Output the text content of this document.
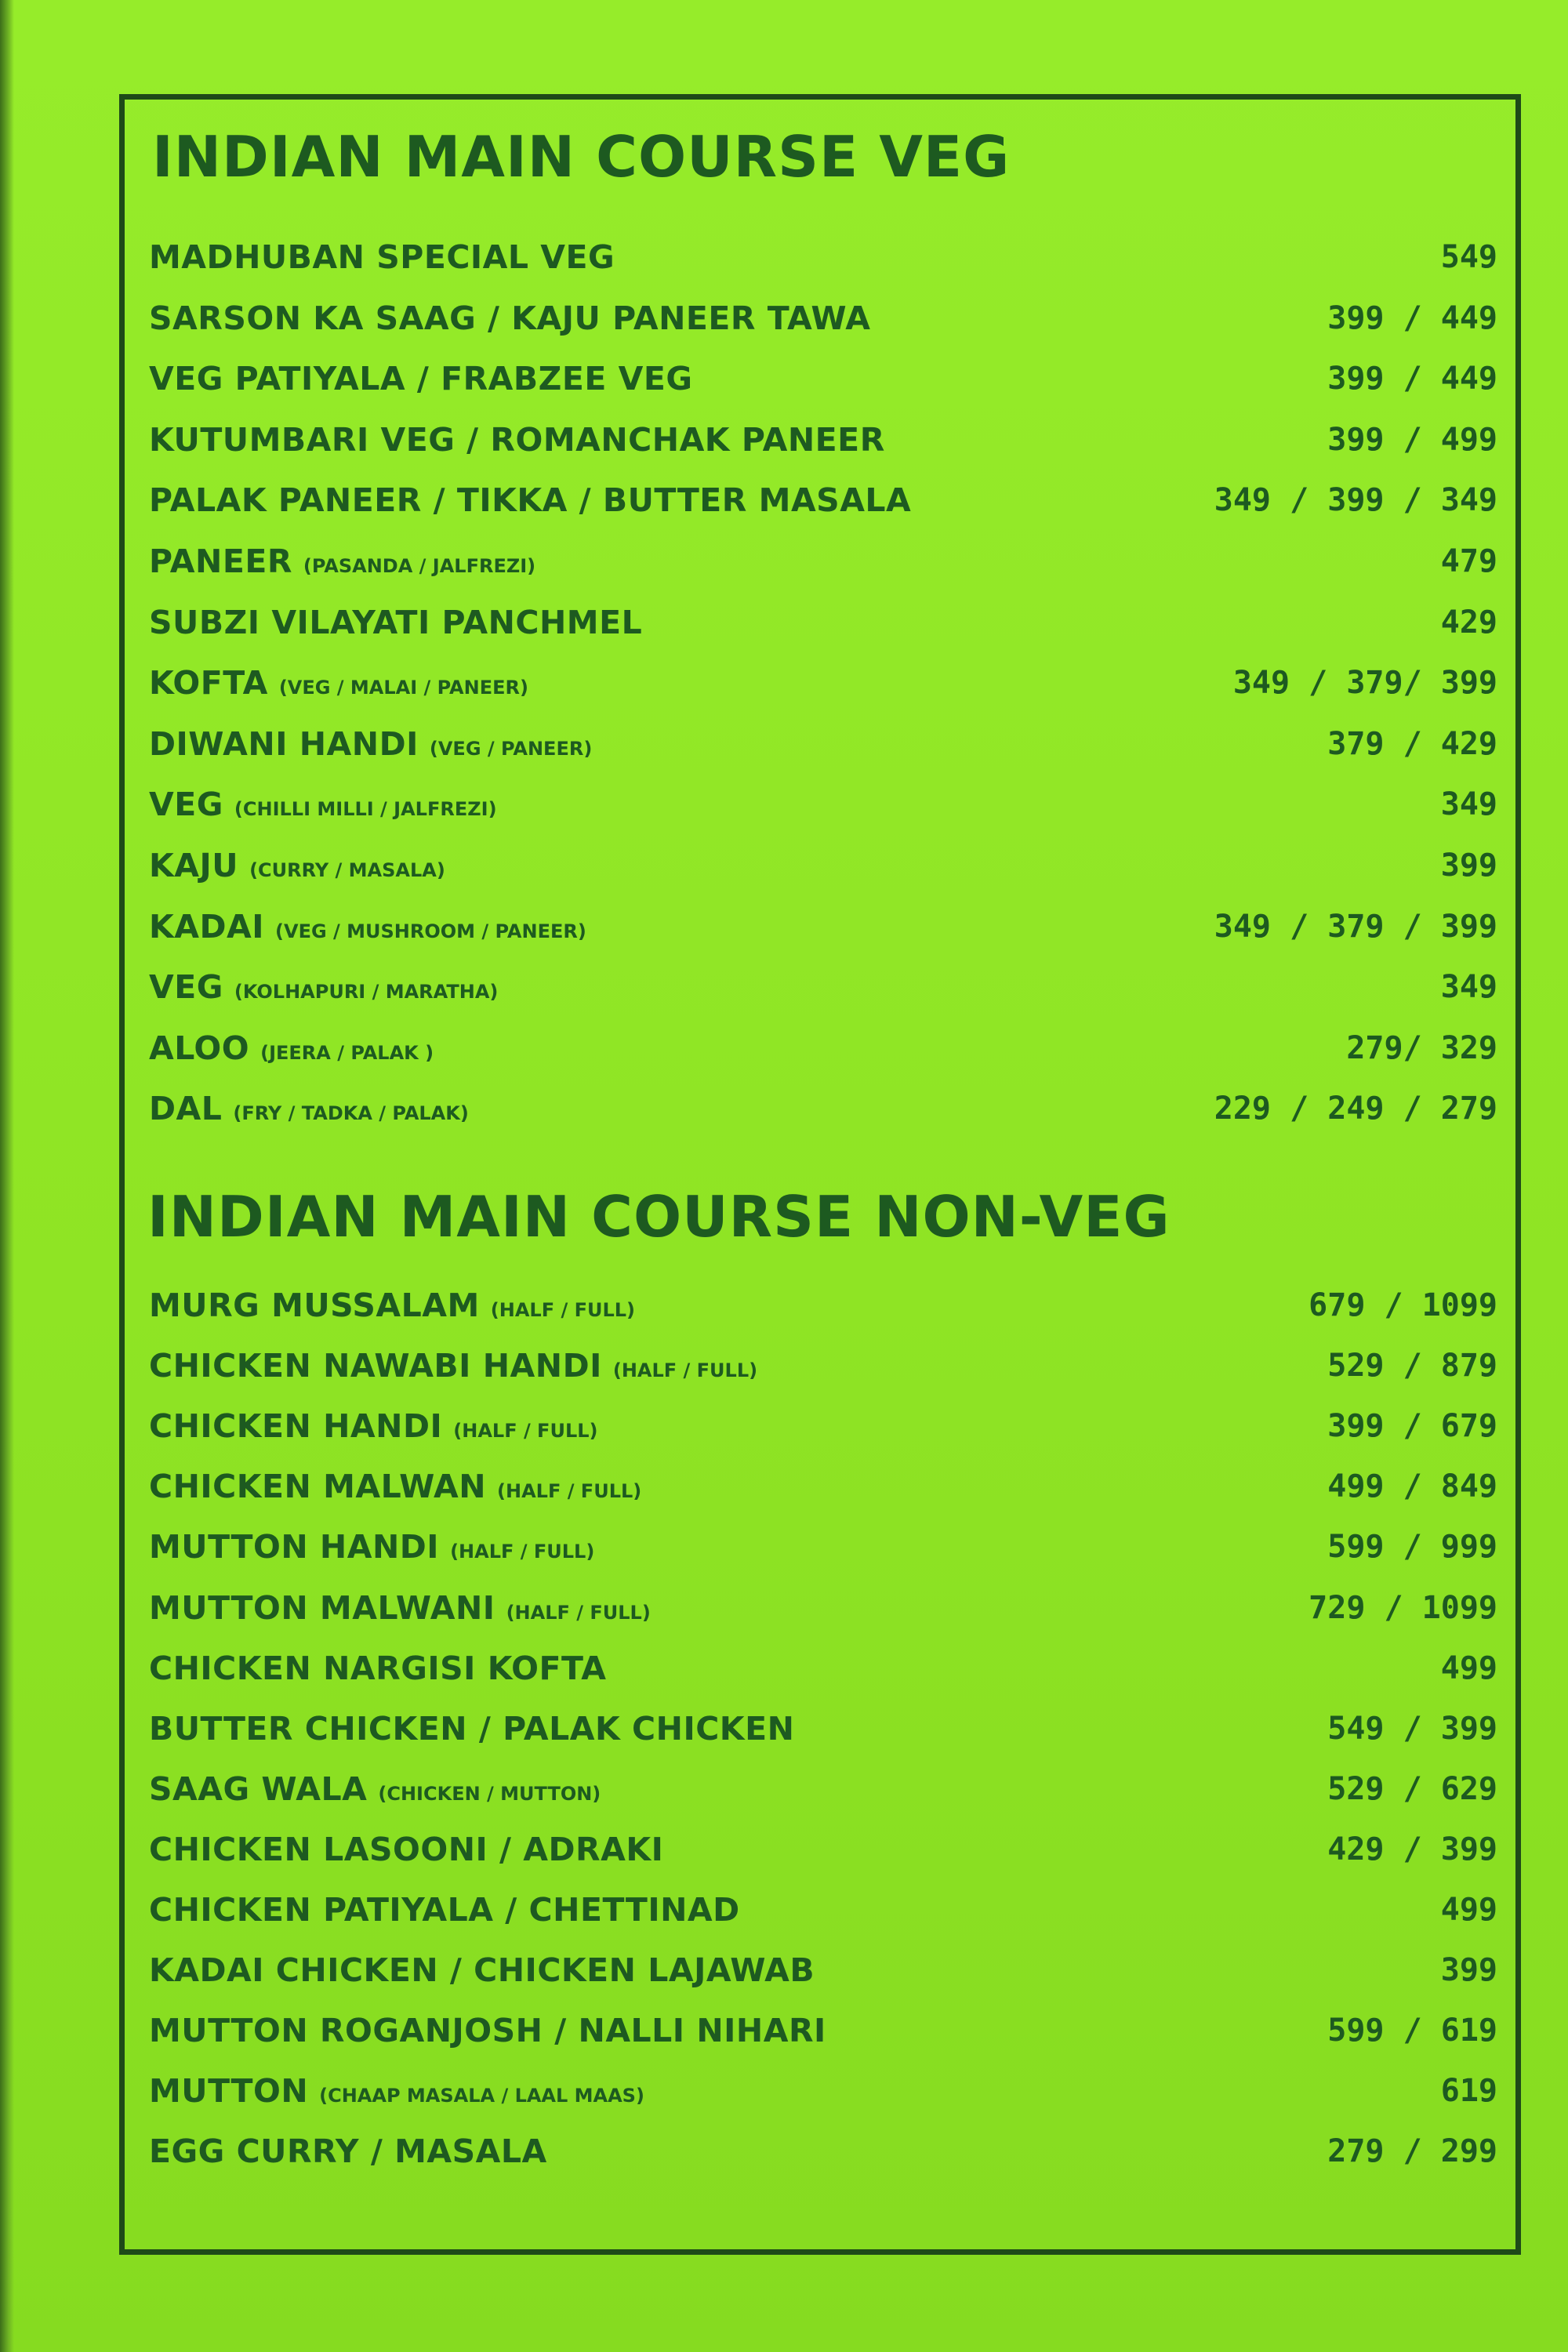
INDIAN MAIN COURSE VEG
MADHUBAN SPECIAL VEG	549
SARSON KA SAAG / KAJU PANEER TAWA	399 / 449
VEG PATIYALA / FRABZEE VEG	399 / 449
KUTUMBARI VEG / ROMANCHAK PANEER	399 / 499
PALAK PANEER / TIKKA / BUTTER MASALA	349 / 399 / 349
PANEER (PASANDA / JALFREZI)	479
SUBZI VILAYATI PANCHMEL	429
KOFTA (VEG / MALAI / PANEER)	349 / 379/ 399
DIWANI HANDI (VEG / PANEER)	379 / 429
VEG (CHILLI MILLI / JALFREZI)	349
KAJU (CURRY / MASALA)	399
KADAI (VEG / MUSHROOM / PANEER)	349 / 379 / 399
VEG (KOLHAPURI / MARATHA)	349
ALOO (JEERA / PALAK )	279/ 329
DAL (FRY / TADKA / PALAK)	229 / 249 / 279
INDIAN MAIN COURSE NON-VEG
MURG MUSSALAM (HALF / FULL)	679 / 1099
CHICKEN NAWABI HANDI (HALF / FULL)	529 / 879
CHICKEN HANDI (HALF / FULL)	399 / 679
CHICKEN MALWAN (HALF / FULL)	499 / 849
MUTTON HANDI (HALF / FULL)	599 / 999
MUTTON MALWANI (HALF / FULL)	729 / 1099
CHICKEN NARGISI KOFTA	499
BUTTER CHICKEN / PALAK CHICKEN	549 / 399
SAAG WALA (CHICKEN / MUTTON)	529 / 629
CHICKEN LASOONI / ADRAKI	429 / 399
CHICKEN PATIYALA / CHETTINAD	499
KADAI CHICKEN / CHICKEN LAJAWAB	399
MUTTON ROGANJOSH / NALLI NIHARI	599 / 619
MUTTON (CHAAP MASALA / LAAL MAAS)	619
EGG CURRY / MASALA	279 / 299
